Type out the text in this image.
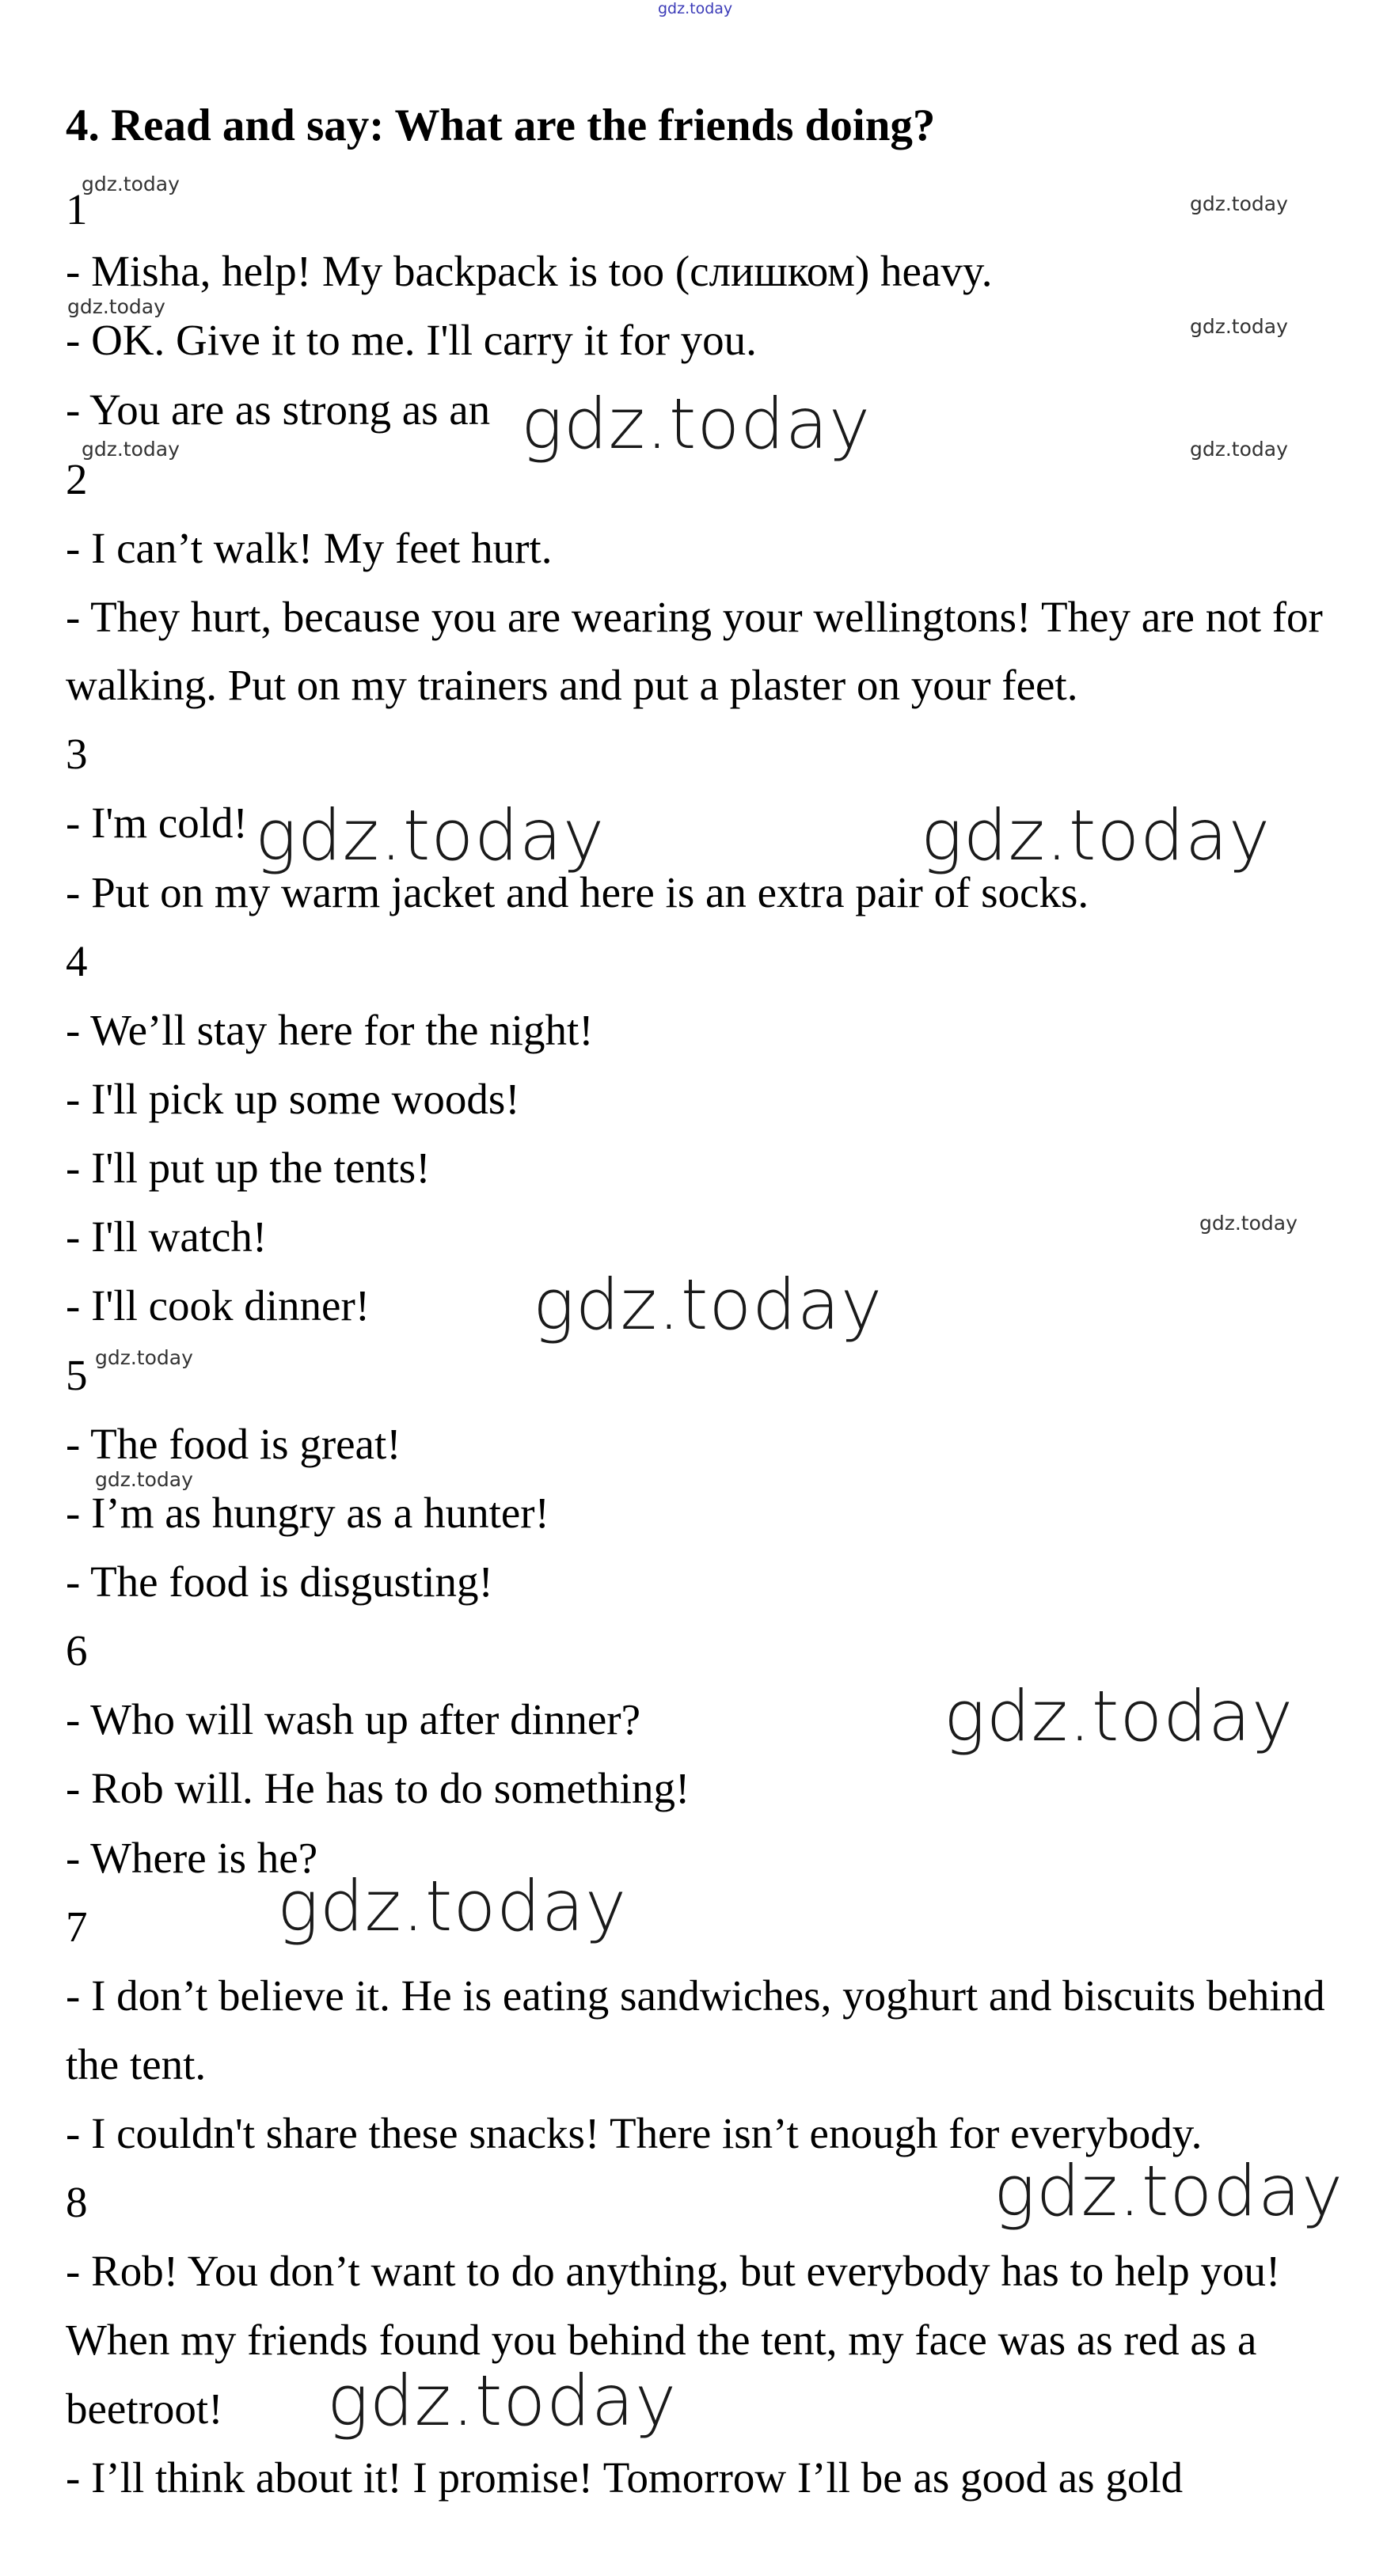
gdz.today
4. Read and say: What are the friends doing?
1
- Misha, help! My backpack is too (слишком) heavy.
- OK. Give it to me. I'll carry it for you.
- You are as strong as an
2
- I can’t walk! My feet hurt.
- They hurt, because you are wearing your wellingtons! They are not for
walking. Put on my trainers and put a plaster on your feet.
3
- I'm cold!
- Put on my warm jacket and here is an extra pair of socks.
4
- We’ll stay here for the night!
- I'll pick up some woods!
- I'll put up the tents!
- I'll watch!
- I'll cook dinner!
5
- The food is great!
- I’m as hungry as a hunter!
- The food is disgusting!
6
- Who will wash up after dinner?
- Rob will. He has to do something!
- Where is he?
7
- I don’t believe it. He is eating sandwiches, yoghurt and biscuits behind
the tent.
- I couldn't share these snacks! There isn’t enough for everybody.
8
- Rob! You don’t want to do anything, but everybody has to help you!
When my friends found you behind the tent, my face was as red as a
beetroot!
- I’ll think about it! I promise! Tomorrow I’ll be as good as gold
gdz.today
gdz.today
gdz.today
gdz.today
gdz.today	gdz.today
gdz.today
gdz.today
gdz.today
gdz.today
gdz.today	gdz.today
gdz.today
gdz.today
gdz.today
gdz.today
gdz.today
